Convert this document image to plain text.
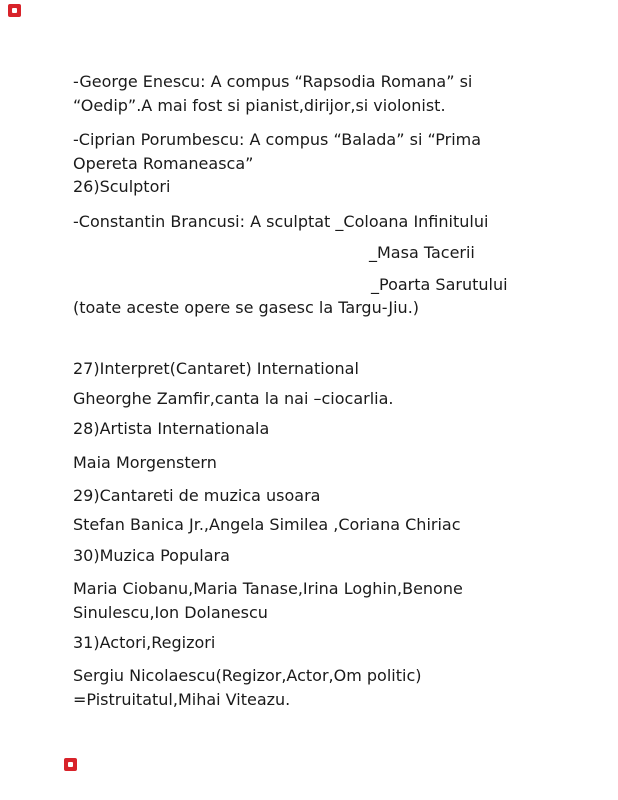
-George Enescu: A compus “Rapsodia Romana” si
“Oedip”.A mai fost si pianist,dirijor,si violonist.
-Ciprian Porumbescu: A compus “Balada” si “Prima
Opereta Romaneasca”
26)Sculptori
-Constantin Brancusi: A sculptat _Coloana Infinitului
_Masa Tacerii
_Poarta Sarutului
(toate aceste opere se gasesc la Targu-Jiu.)
27)Interpret(Cantaret) International
Gheorghe Zamfir,canta la nai –ciocarlia.
28)Artista Internationala
Maia Morgenstern
29)Cantareti de muzica usoara
Stefan Banica Jr.,Angela Similea ,Coriana Chiriac
30)Muzica Populara
Maria Ciobanu,Maria Tanase,Irina Loghin,Benone
Sinulescu,Ion Dolanescu
31)Actori,Regizori
Sergiu Nicolaescu(Regizor,Actor,Om politic)
=Pistruitatul,Mihai Viteazu.
